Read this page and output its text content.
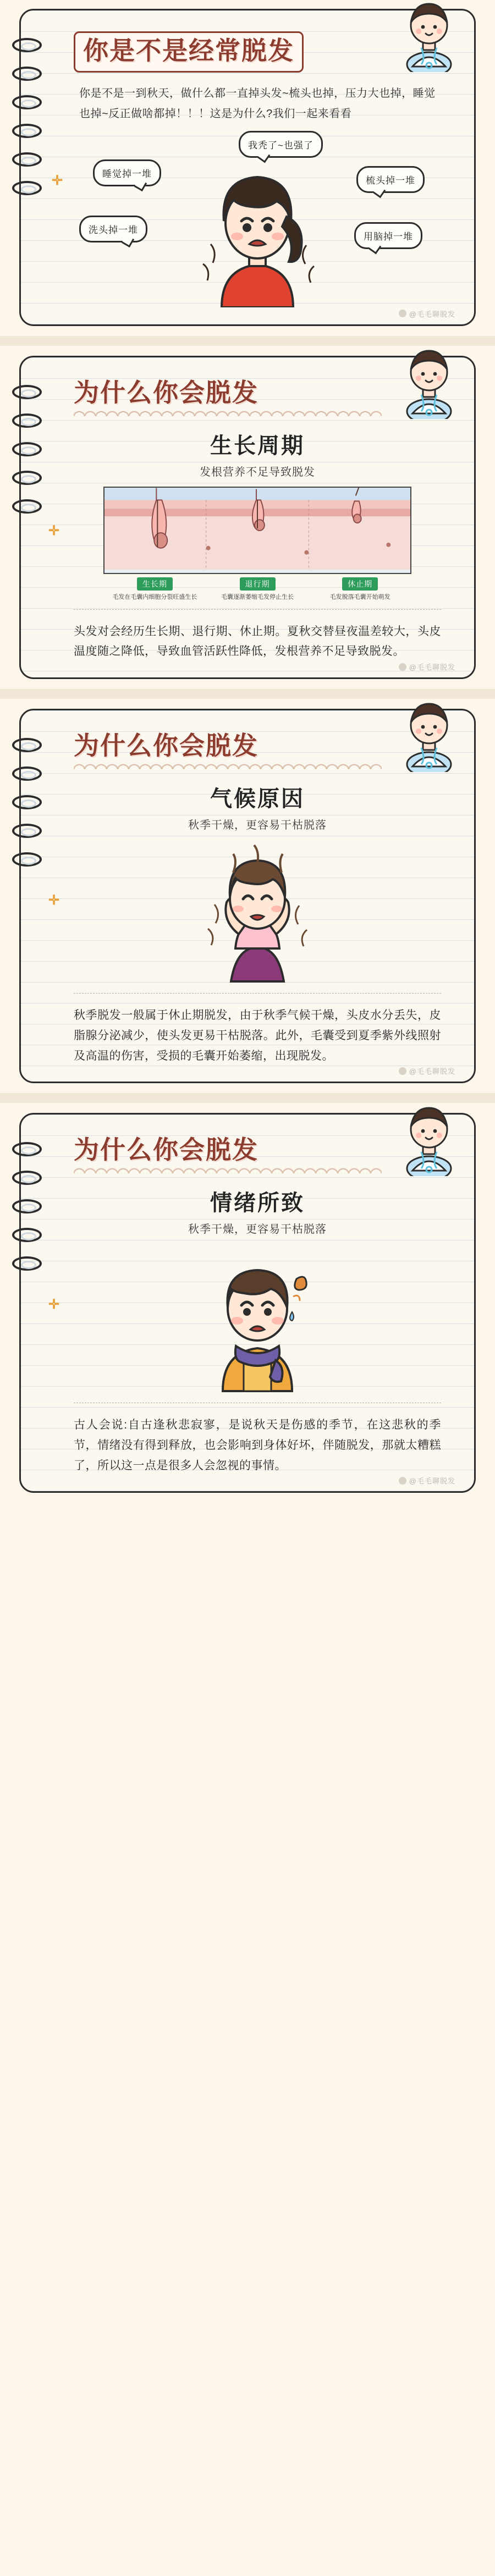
你是不是经常脱发
你是不是一到秋天，做什么都一直掉头发~梳头也掉，压力大也掉，睡觉也掉~反正做啥都掉！！！这是为什么?我们一起来看看
✛	睡觉掉一堆
我秃了~也强了
梳头掉一堆
洗头掉一堆
用脑掉一堆
@毛毛聊脱发
为什么你会脱发
生长周期
发根营养不足导致脱发
✛
生长期
毛发在毛囊内细胞分裂旺盛生长
退行期
毛囊逐渐萎缩毛发停止生长
休止期
毛发脱落毛囊开始萌发
头发对会经历生长期、退行期、休止期。夏秋交替昼夜温差较大，头皮温度随之降低，导致血管活跃性降低，发根营养不足导致脱发。
@毛毛聊脱发
为什么你会脱发
气候原因
秋季干燥，更容易干枯脱落
✛
秋季脱发一般属于休止期脱发，由于秋季气候干燥，头皮水分丢失，皮脂腺分泌减少，使头发更易干枯脱落。此外，毛囊受到夏季紫外线照射及高温的伤害，受损的毛囊开始萎缩，出现脱发。
@毛毛聊脱发
为什么你会脱发
情绪所致
秋季干燥，更容易干枯脱落
✛
古人会说:自古逢秋悲寂寥，是说秋天是伤感的季节，在这悲秋的季节，情绪没有得到释放，也会影响到身体好坏，伴随脱发，那就太糟糕了，所以这一点是很多人会忽视的事情。
@毛毛聊脱发
